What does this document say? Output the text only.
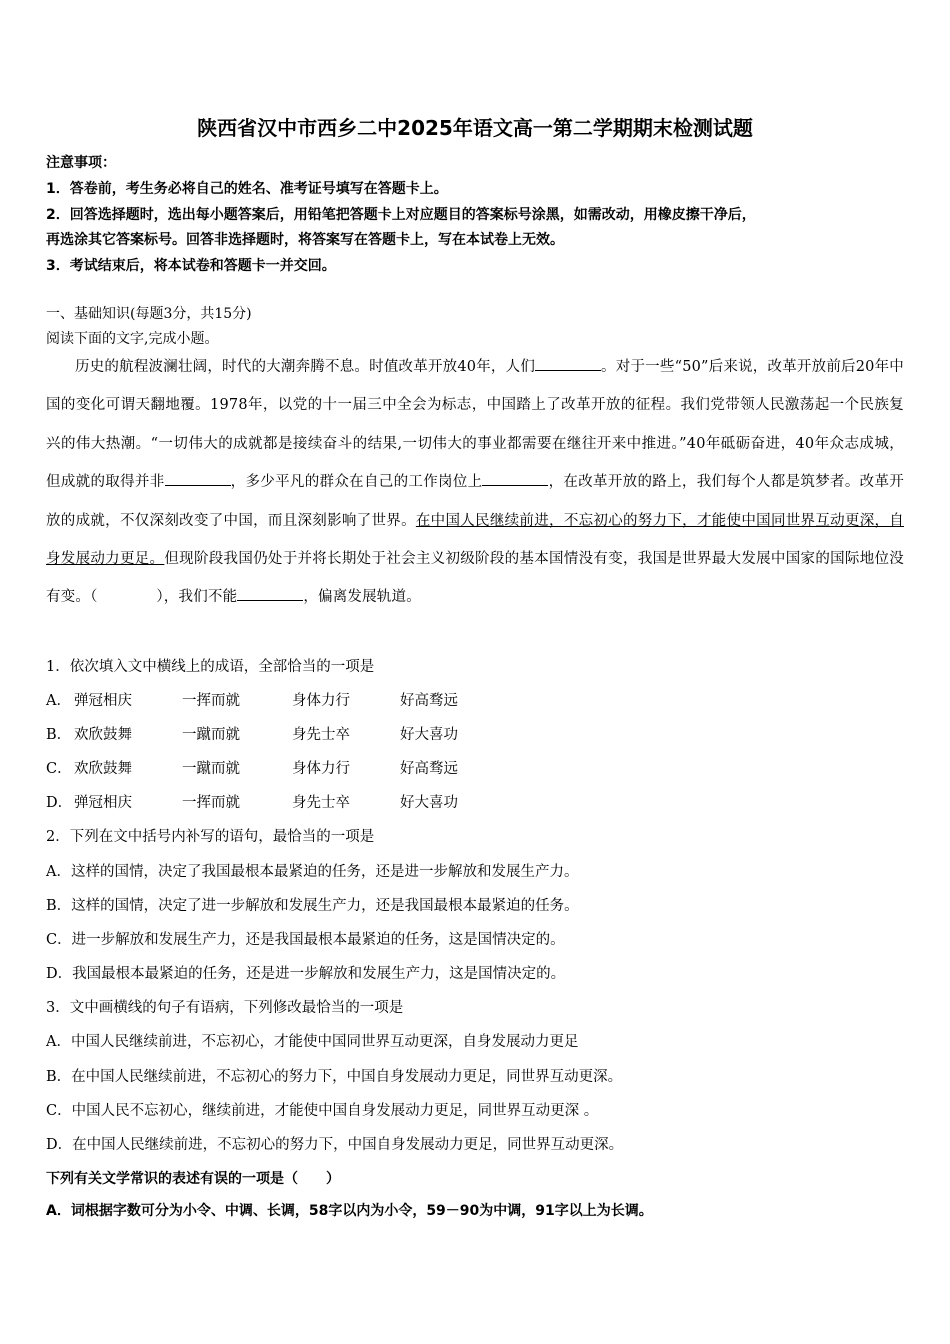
陕西省汉中市西乡二中2025年语文高一第二学期期末检测试题
注意事项：
1．答卷前，考生务必将自己的姓名、准考证号填写在答题卡上。
2．回答选择题时，选出每小题答案后，用铅笔把答题卡上对应题目的答案标号涂黑，如需改动，用橡皮擦干净后，
再选涂其它答案标号。回答非选择题时，将答案写在答题卡上，写在本试卷上无效。
3．考试结束后，将本试卷和答题卡一并交回。
一、基础知识(每题3分，共15分)
阅读下面的文字,完成小题。
历史的航程波澜壮阔，时代的大潮奔腾不息。时值改革开放40年，人们	。对于一些“50”后来说，改革开放前后20年中国的变化可谓天翻地覆。1978年，以党的十一届三中全会为标志，中国踏上了改革开放的征程。我们党带领人民激荡起一个民族复兴的伟大热潮。“一切伟大的成就都是接续奋斗的结果,一切伟大的事业都需要在继往开来中推进。”40年砥砺奋进，40年众志成城，但成就的取得并非	，多少平凡的群众在自己的工作岗位上	，在改革开放的路上，我们每个人都是筑梦者。改革开放的成就，不仅深刻改变了中国，而且深刻影响了世界。在中国人民继续前进，不忘初心的努力下，才能使中国同世界互动更深，自身发展动力更足。但现阶段我国仍处于并将长期处于社会主义初级阶段的基本国情没有变，我国是世界最大发展中国家的国际地位没有变。（　　　　），我们不能	，偏离发展轨道。
1．依次填入文中横线上的成语，全部恰当的一项是
A． 弹冠相庆	一挥而就	身体力行	好高骛远
B． 欢欣鼓舞	一蹴而就	身先士卒	好大喜功
C． 欢欣鼓舞	一蹴而就	身体力行	好高骛远
D． 弹冠相庆	一挥而就	身先士卒	好大喜功
2．下列在文中括号内补写的语句，最恰当的一项是
A．这样的国情，决定了我国最根本最紧迫的任务，还是进一步解放和发展生产力。
B．这样的国情，决定了进一步解放和发展生产力，还是我国最根本最紧迫的任务。
C．进一步解放和发展生产力，还是我国最根本最紧迫的任务，这是国情决定的。
D．我国最根本最紧迫的任务，还是进一步解放和发展生产力，这是国情决定的。
3．文中画横线的句子有语病，下列修改最恰当的一项是
A．中国人民继续前进，不忘初心，才能使中国同世界互动更深，自身发展动力更足
B．在中国人民继续前进，不忘初心的努力下，中国自身发展动力更足，同世界互动更深。
C．中国人民不忘初心，继续前进，才能使中国自身发展动力更足，同世界互动更深 。
D．在中国人民继续前进，不忘初心的努力下，中国自身发展动力更足，同世界互动更深。
下列有关文学常识的表述有误的一项是（　　）
A．词根据字数可分为小令、中调、长调，58字以内为小令，59－90为中调，91字以上为长调。
